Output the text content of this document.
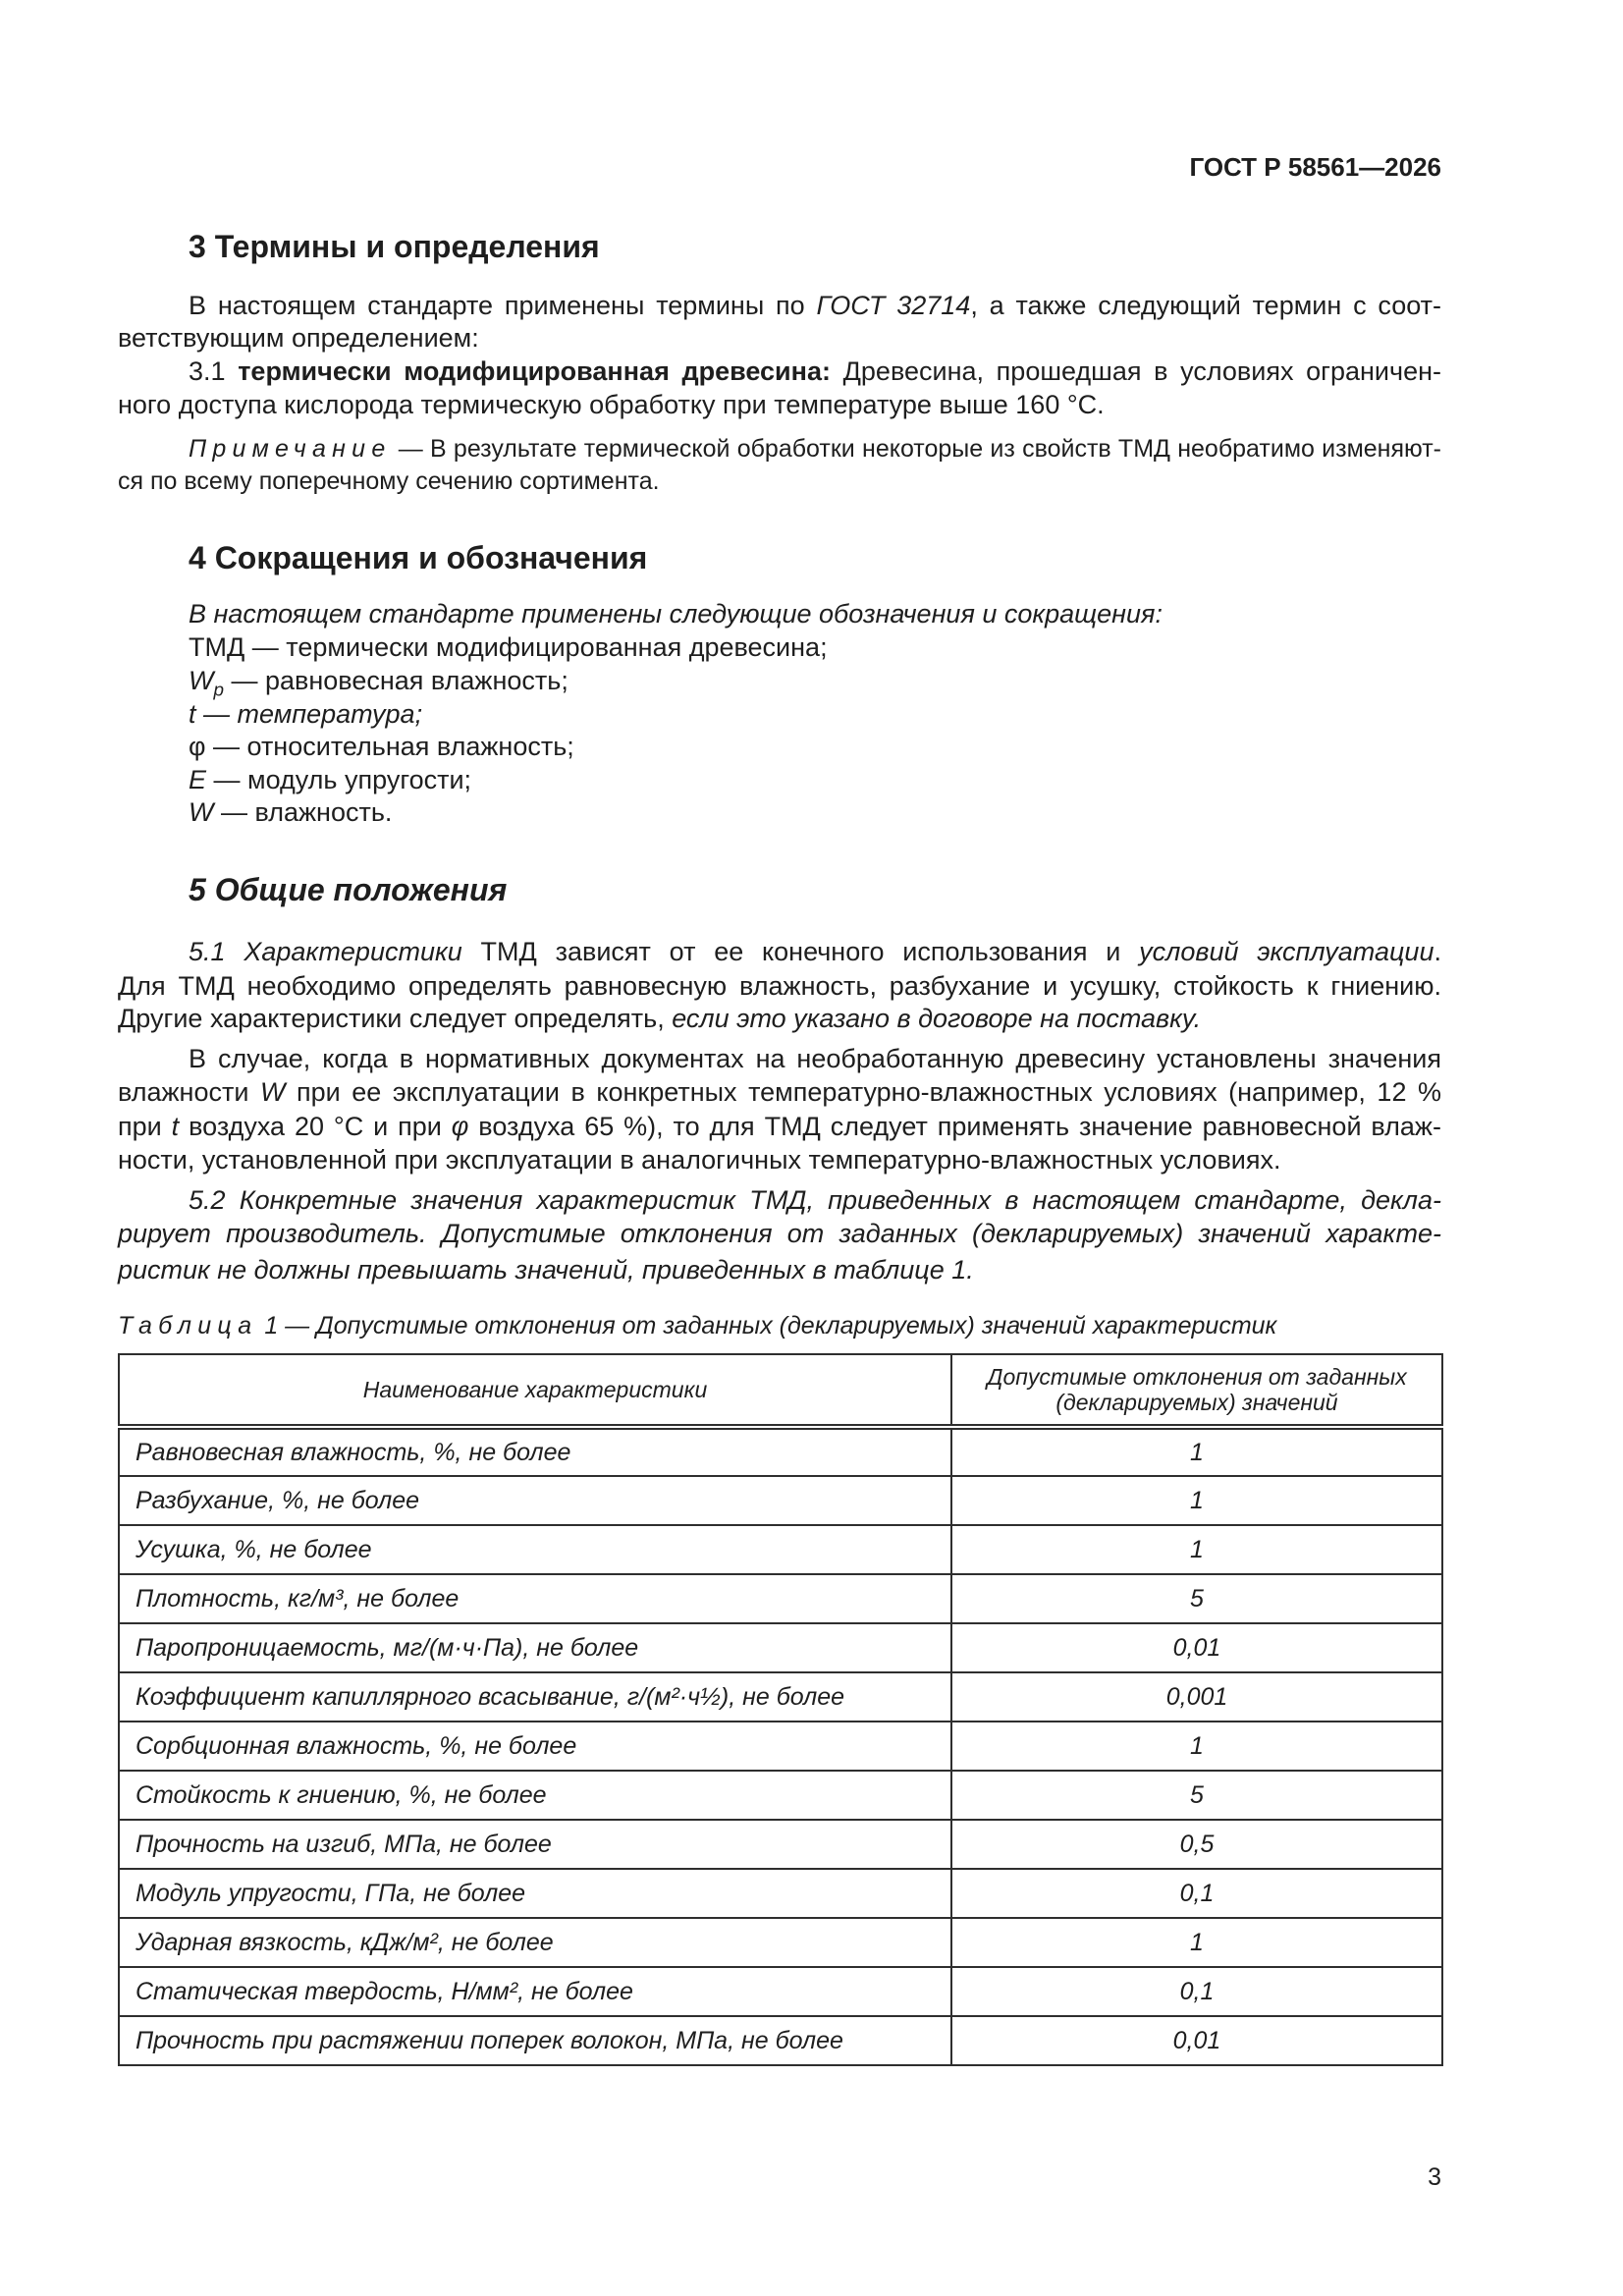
ГОСТ Р 58561—2026
3 Термины и определения
В настоящем стандарте применены термины по ГОСТ 32714, а также следующий термин с соот-
ветствующим определением:
3.1 термически модифицированная древесина: Древесина, прошедшая в условиях ограничен-
ного доступа кислорода термическую обработку при температуре выше 160 °С.
Примечание — В результате термической обработки некоторые из свойств ТМД необратимо изменяют-
ся по всему поперечному сечению сортимента.
4 Сокращения и обозначения
В настоящем стандарте применены следующие обозначения и сокращения:
ТМД — термически модифицированная древесина;
$W_p$ — равновесная влажность;
t — температура;
φ — относительная влажность;
E — модуль упругости;
W — влажность.
5 Общие положения
5.1 Характеристики ТМД зависят от ее конечного использования и условий эксплуатации.
Для ТМД необходимо определять равновесную влажность, разбухание и усушку, стойкость к гниению.
Другие характеристики следует определять, если это указано в договоре на поставку.
В случае, когда в нормативных документах на необработанную древесину установлены значения
влажности W при ее эксплуатации в конкретных температурно-влажностных условиях (например, 12 %
при t воздуха 20 °С и при φ воздуха 65 %), то для ТМД следует применять значение равновесной влаж-
ности, установленной при эксплуатации в аналогичных температурно-влажностных условиях.
5.2 Конкретные значения характеристик ТМД, приведенных в настоящем стандарте, декла-
рирует производитель. Допустимые отклонения от заданных (декларируемых) значений характе-
ристик не должны превышать значений, приведенных в таблице 1.
Таблица 1 — Допустимые отклонения от заданных (декларируемых) значений характеристик
Наименование характеристики	Допустимые отклонения от заданных
(декларируемых) значений

Равновесная влажность, %, не более	1
Разбухание, %, не более	1
Усушка, %, не более	1
Плотность, кг/м³, не более	5
Паропроницаемость, мг/(м·ч·Па), не более	0,01
Коэффициент капиллярного всасывание, г/(м²·ч½), не более	0,001
Сорбционная влажность, %, не более	1
Стойкость к гниению, %, не более	5
Прочность на изгиб, МПа, не более	0,5
Модуль упругости, ГПа, не более	0,1
Ударная вязкость, кДж/м², не более	1
Статическая твердость, Н/мм², не более	0,1
Прочность при растяжении поперек волокон, МПа, не более	0,01
3
